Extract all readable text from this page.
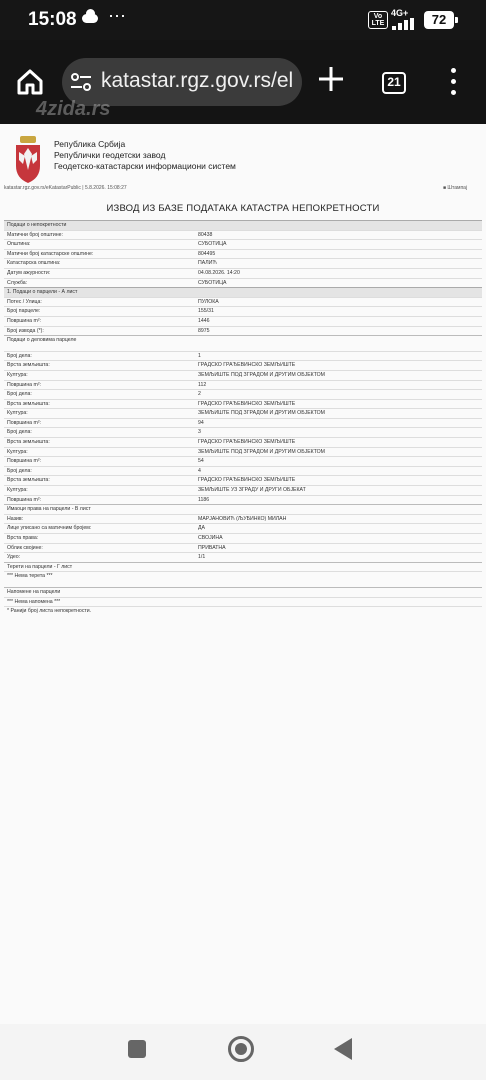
15:08 ⋯	Vo LTE
4G+	72
katastar.rgz.gov.rs/el	21
4zida.rs
Република Србија
Републички геодетски завод
Геодетско-катастарски информациони систем
katastar.rgz.gov.rs/eKatastarPublic | 5.8.2026. 15:08:27	■ Штампај
ИЗВОД ИЗ БАЗЕ ПОДАТАКА КАТАСТРА НЕПОКРЕТНОСТИ
Подаци о непокретности
Матични број општине:	80438
Општина:	СУБОТИЦА
Матични број катастарске општине:	804495
Катастарска општина:	ПАЛИЋ
Датум ажурности:	04.08.2026. 14:20
Служба:	СУБОТИЦА
1. Подаци о парцели - А лист
Потес / Улица:	ПУЛОКА
Број парцеле:	155/31
Површина m²:	1446
Број извода (*):	8975
Подаци о деловима парцеле
Број дела:	1
Врста земљишта:	ГРАДСКО ГРАЂЕВИНСКО ЗЕМЉИШТЕ
Култура:	ЗЕМЉИШТЕ ПОД ЗГРАДОМ И ДРУГИМ ОБЈЕКТОМ
Површина m²:	112
Број дела:	2
Врста земљишта:	ГРАДСКО ГРАЂЕВИНСКО ЗЕМЉИШТЕ
Култура:	ЗЕМЉИШТЕ ПОД ЗГРАДОМ И ДРУГИМ ОБЈЕКТОМ
Површина m²:	94
Број дела:	3
Врста земљишта:	ГРАДСКО ГРАЂЕВИНСКО ЗЕМЉИШТЕ
Култура:	ЗЕМЉИШТЕ ПОД ЗГРАДОМ И ДРУГИМ ОБЈЕКТОМ
Површина m²:	54
Број дела:	4
Врста земљишта:	ГРАДСКО ГРАЂЕВИНСКО ЗЕМЉИШТЕ
Култура:	ЗЕМЉИШТЕ УЗ ЗГРАДУ И ДРУГИ ОБЈЕКАТ
Површина m²:	1186
Имаоци права на парцели - В лист
Назив:	МАРЈАНОВИЋ (ЉУБИНКО) МИЛАН
Лице уписано са матичним бројем:	ДА
Врста права:	СВОЈИНА
Облик својине:	ПРИВАТНА
Удео:	1/1
Терети на парцели - Г лист
*** Нема терета ***
Напомене на парцели
*** Нема напомена ***
* Ранији број листа непокретности.
